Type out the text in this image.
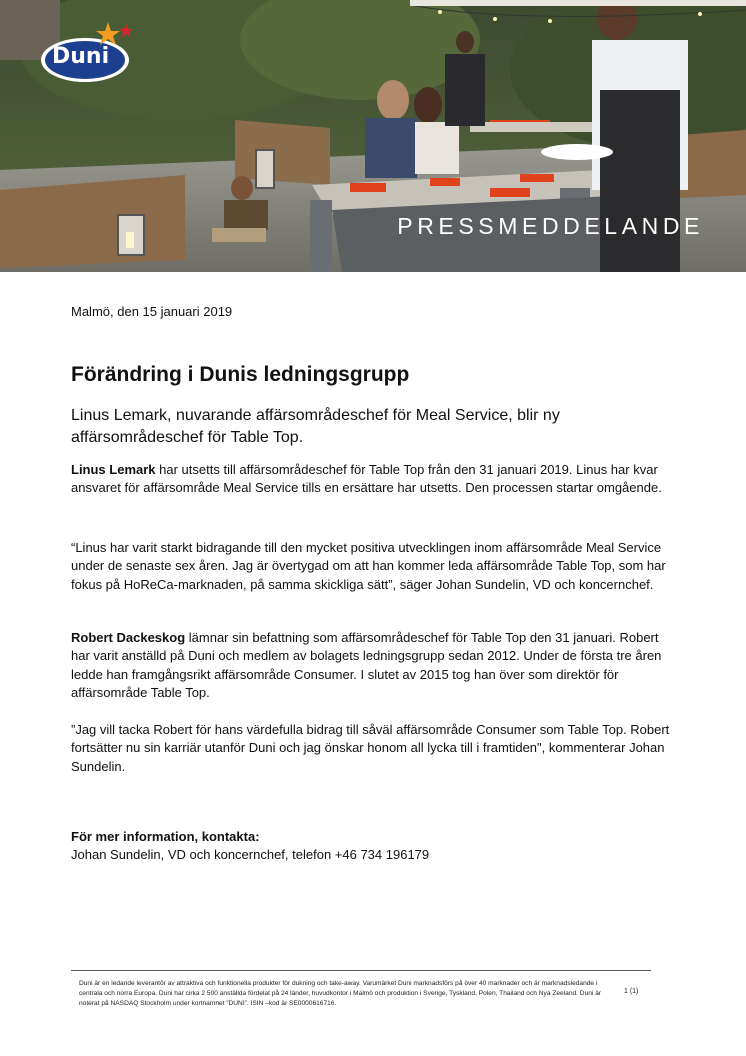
Duni
PRESSMEDDELANDE
Malmö, den 15 januari 2019
Förändring i Dunis ledningsgrupp
Linus Lemark, nuvarande affärsområdeschef för Meal Service, blir ny affärsområdeschef för Table Top.

Linus Lemark har utsetts till affärsområdeschef för Table Top från den 31 januari 2019. Linus har kvar ansvaret för affärsområde Meal Service tills en ersättare har utsetts. Den processen startar omgående.

“Linus har varit starkt bidragande till den mycket positiva utvecklingen inom affärsområde Meal Service under de senaste sex åren. Jag är övertygad om att han kommer leda affärsområde Table Top, som har fokus på HoReCa-marknaden, på samma skickliga sätt”, säger Johan Sundelin, VD och koncernchef.

Robert Dackeskog lämnar sin befattning som affärsområdeschef för Table Top den 31 januari. Robert har varit anställd på Duni och medlem av bolagets ledningsgrupp sedan 2012. Under de första tre åren ledde han framgångsrikt affärsområde Consumer. I slutet av 2015 tog han över som direktör för affärsområde Table Top.

”Jag vill tacka Robert för hans värdefulla bidrag till såväl affärsområde Consumer som Table Top. Robert fortsätter nu sin karriär utanför Duni och jag önskar honom all lycka till i framtiden", kommenterar Johan Sundelin.

För mer information, kontakta:
Johan Sundelin, VD och koncernchef, telefon +46 734 196179
Duni är en ledande leverantör av attraktiva och funktionella produkter för dukning och take-away. Varumärket Duni marknadsförs på över 40 marknader och är marknadsledande i centrala och norra Europa. Duni har cirka 2 500 anställda fördelat på 24 länder, huvudkontor i Malmö och produktion i Sverige, Tyskland, Polen, Thailand och Nya Zeeland. Duni är noterat på NASDAQ Stockholm under kortnamnet ”DUNI”. ISIN –kod är SE0000616716.
1 (1)
